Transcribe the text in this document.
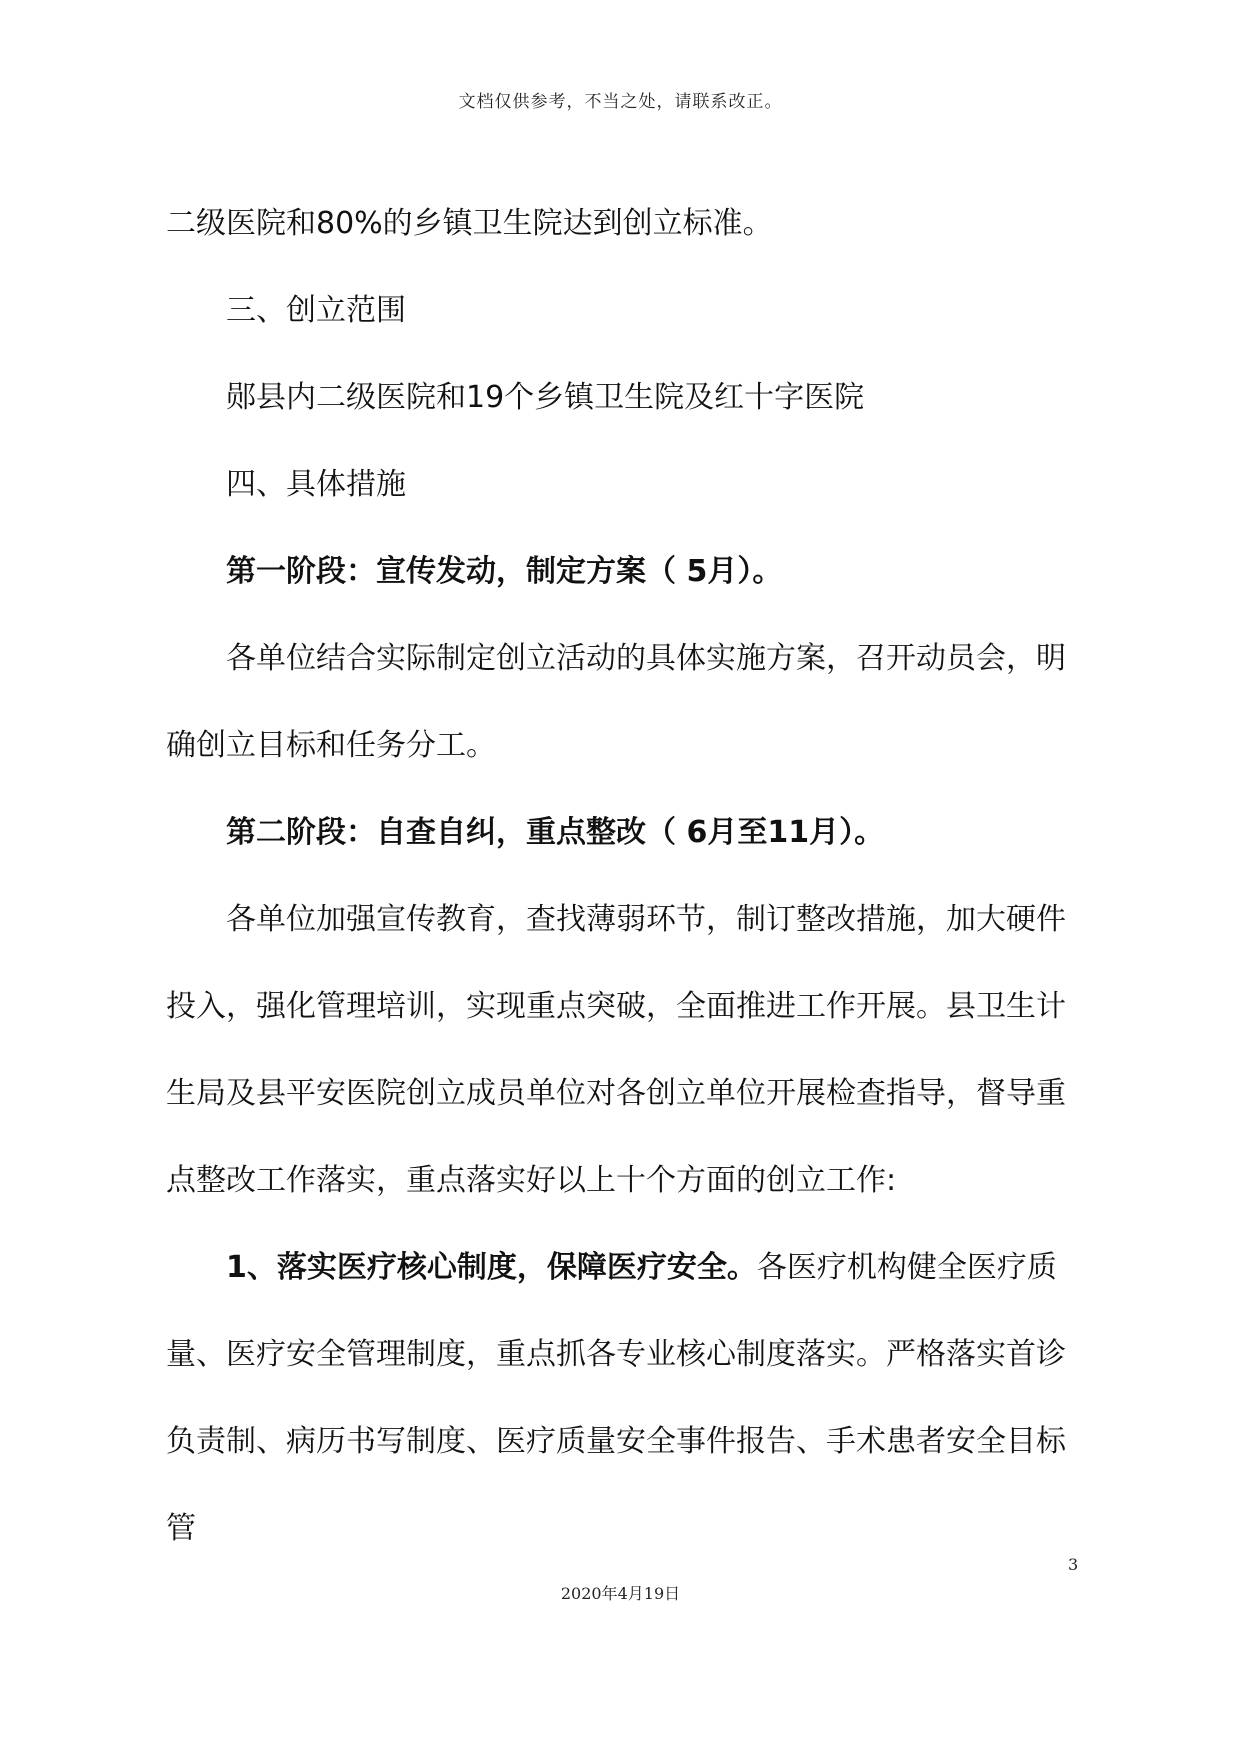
文档仅供参考，不当之处，请联系改正。

二级医院和80%的乡镇卫生院达到创立标准。

三、创立范围

郧县内二级医院和19个乡镇卫生院及红十字医院

四、具体措施

第一阶段：宣传发动，制定方案（ 5月）。

各单位结合实际制定创立活动的具体实施方案，召开动员会，明确创立目标和任务分工。

第二阶段：自查自纠，重点整改（ 6月至11月）。

各单位加强宣传教育，查找薄弱环节，制订整改措施，加大硬件投入，强化管理培训，实现重点突破，全面推进工作开展。县卫生计生局及县平安医院创立成员单位对各创立单位开展检查指导，督导重点整改工作落实，重点落实好以上十个方面的创立工作:

1、落实医疗核心制度，保障医疗安全。各医疗机构健全医疗质量、医疗安全管理制度，重点抓各专业核心制度落实。严格落实首诊负责制、病历书写制度、医疗质量安全事件报告、手术患者安全目标管

3
2020年4月19日
